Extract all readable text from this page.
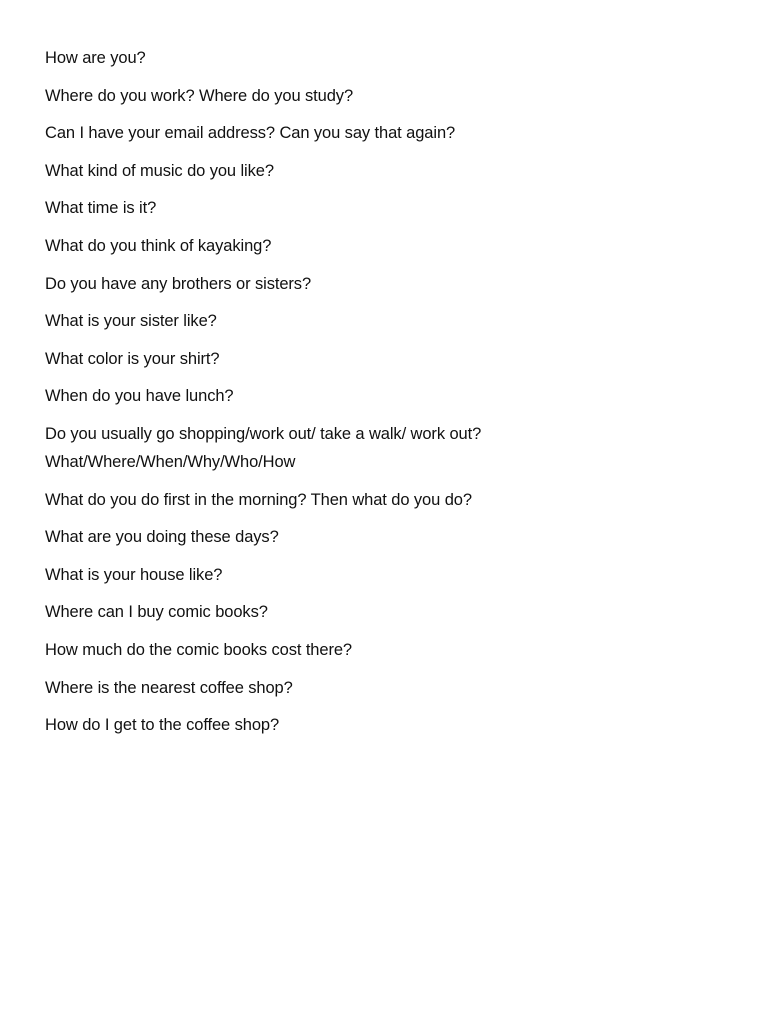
How are you?
Where do you work? Where do you study?
Can I have your email address? Can you say that again?
What kind of music do you like?
What time is it?
What do you think of kayaking?
Do you have any brothers or sisters?
What is your sister like?
What color is your shirt?
When do you have lunch?
Do you usually go shopping/work out/ take a walk/ work out?
What/Where/When/Why/Who/How
What do you do first in the morning? Then what do you do?
What are you doing these days?
What is your house like?
Where can I buy comic books?
How much do the comic books cost there?
Where is the nearest coffee shop?
How do I get to the coffee shop?
